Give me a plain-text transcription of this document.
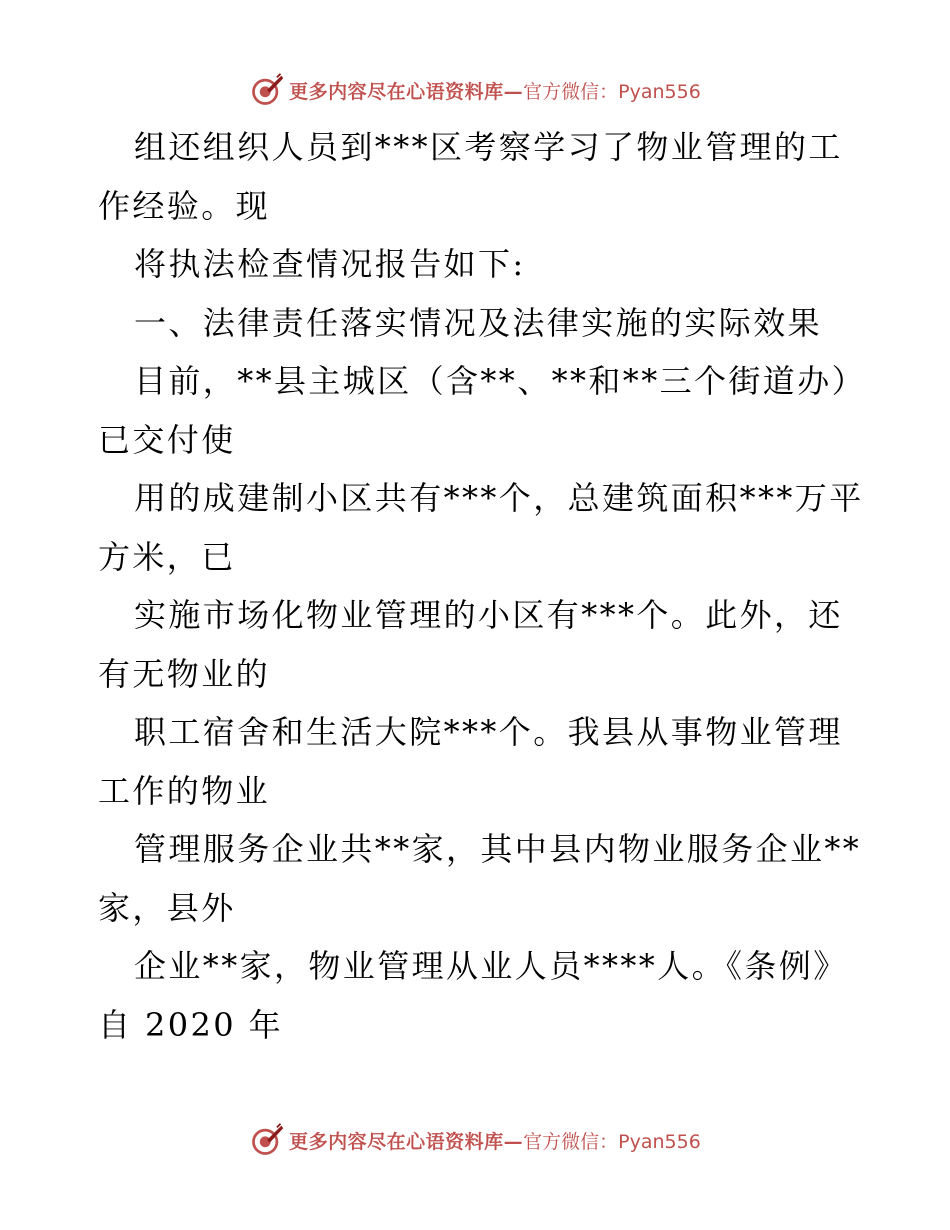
更多内容尽在心语资料库— 官方微信：Pyan556
组还组织人员到***区考察学习了物业管理的工
作经验。现
将执法检查情况报告如下:
一、法律责任落实情况及法律实施的实际效果
目前，**县主城区（含**、**和**三个街道办）
已交付使
用的成建制小区共有***个，总建筑面积***万平
方米，已
实施市场化物业管理的小区有***个。此外，还
有无物业的
职工宿舍和生活大院***个。我县从事物业管理
工作的物业
管理服务企业共**家，其中县内物业服务企业**
家，县外
企业**家，物业管理从业人员****人。《条例》
自 2020 年
更多内容尽在心语资料库— 官方微信：Pyan556
